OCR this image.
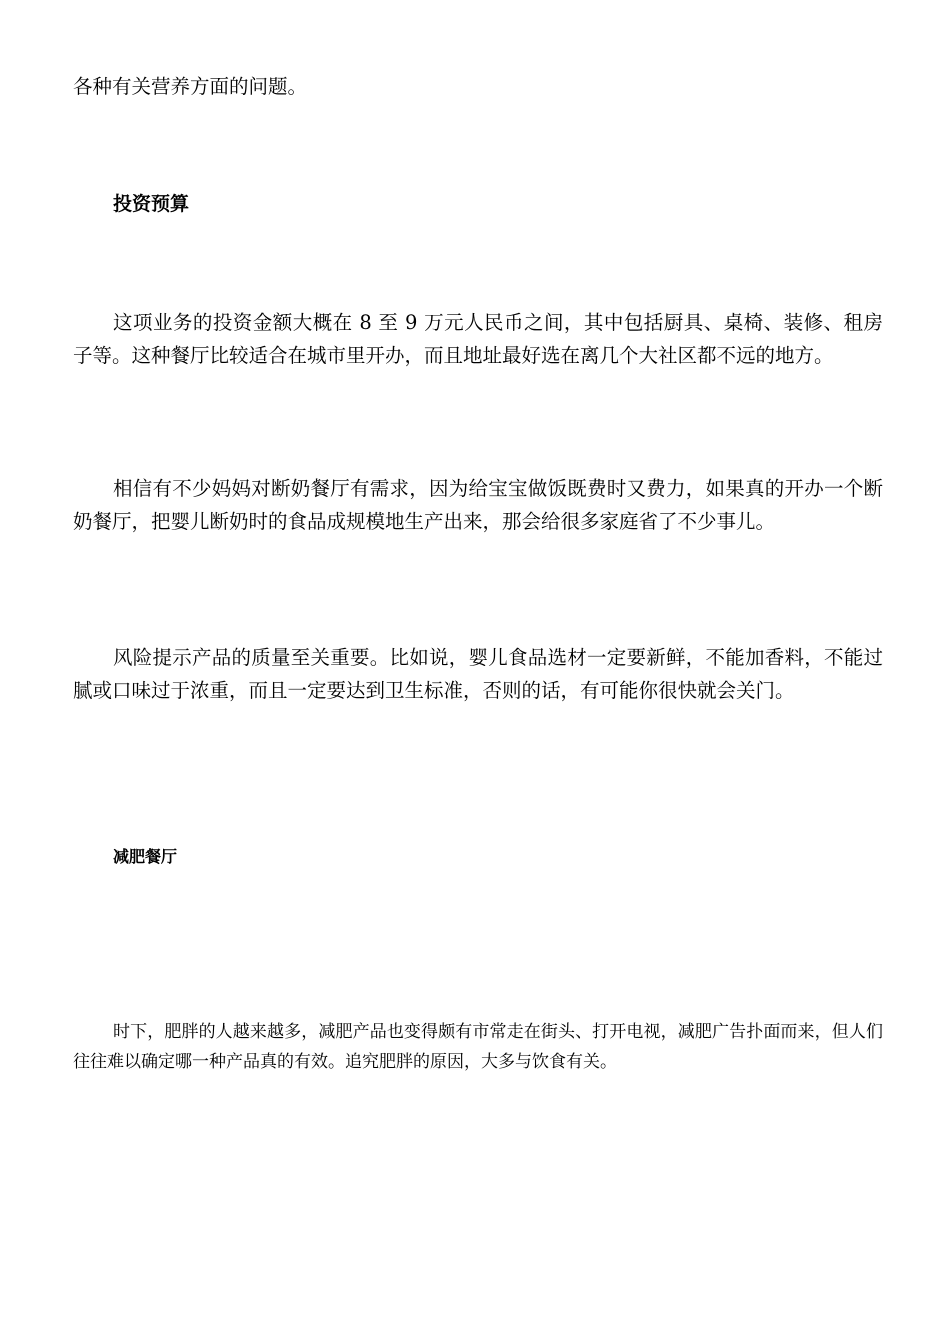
各种有关营养方面的问题。

投资预算

这项业务的投资金额大概在 8 至 9 万元人民币之间，其中包括厨具、桌椅、装修、租房子等。这种餐厅比较适合在城市里开办，而且地址最好选在离几个大社区都不远的地方。

相信有不少妈妈对断奶餐厅有需求，因为给宝宝做饭既费时又费力，如果真的开办一个断奶餐厅，把婴儿断奶时的食品成规模地生产出来，那会给很多家庭省了不少事儿。

风险提示产品的质量至关重要。比如说，婴儿食品选材一定要新鲜，不能加香料，不能过腻或口味过于浓重，而且一定要达到卫生标准，否则的话，有可能你很快就会关门。

减肥餐厅

时下，肥胖的人越来越多，减肥产品也变得颇有市常走在街头、打开电视，减肥广告扑面而来，但人们往往难以确定哪一种产品真的有效。追究肥胖的原因，大多与饮食有关。
